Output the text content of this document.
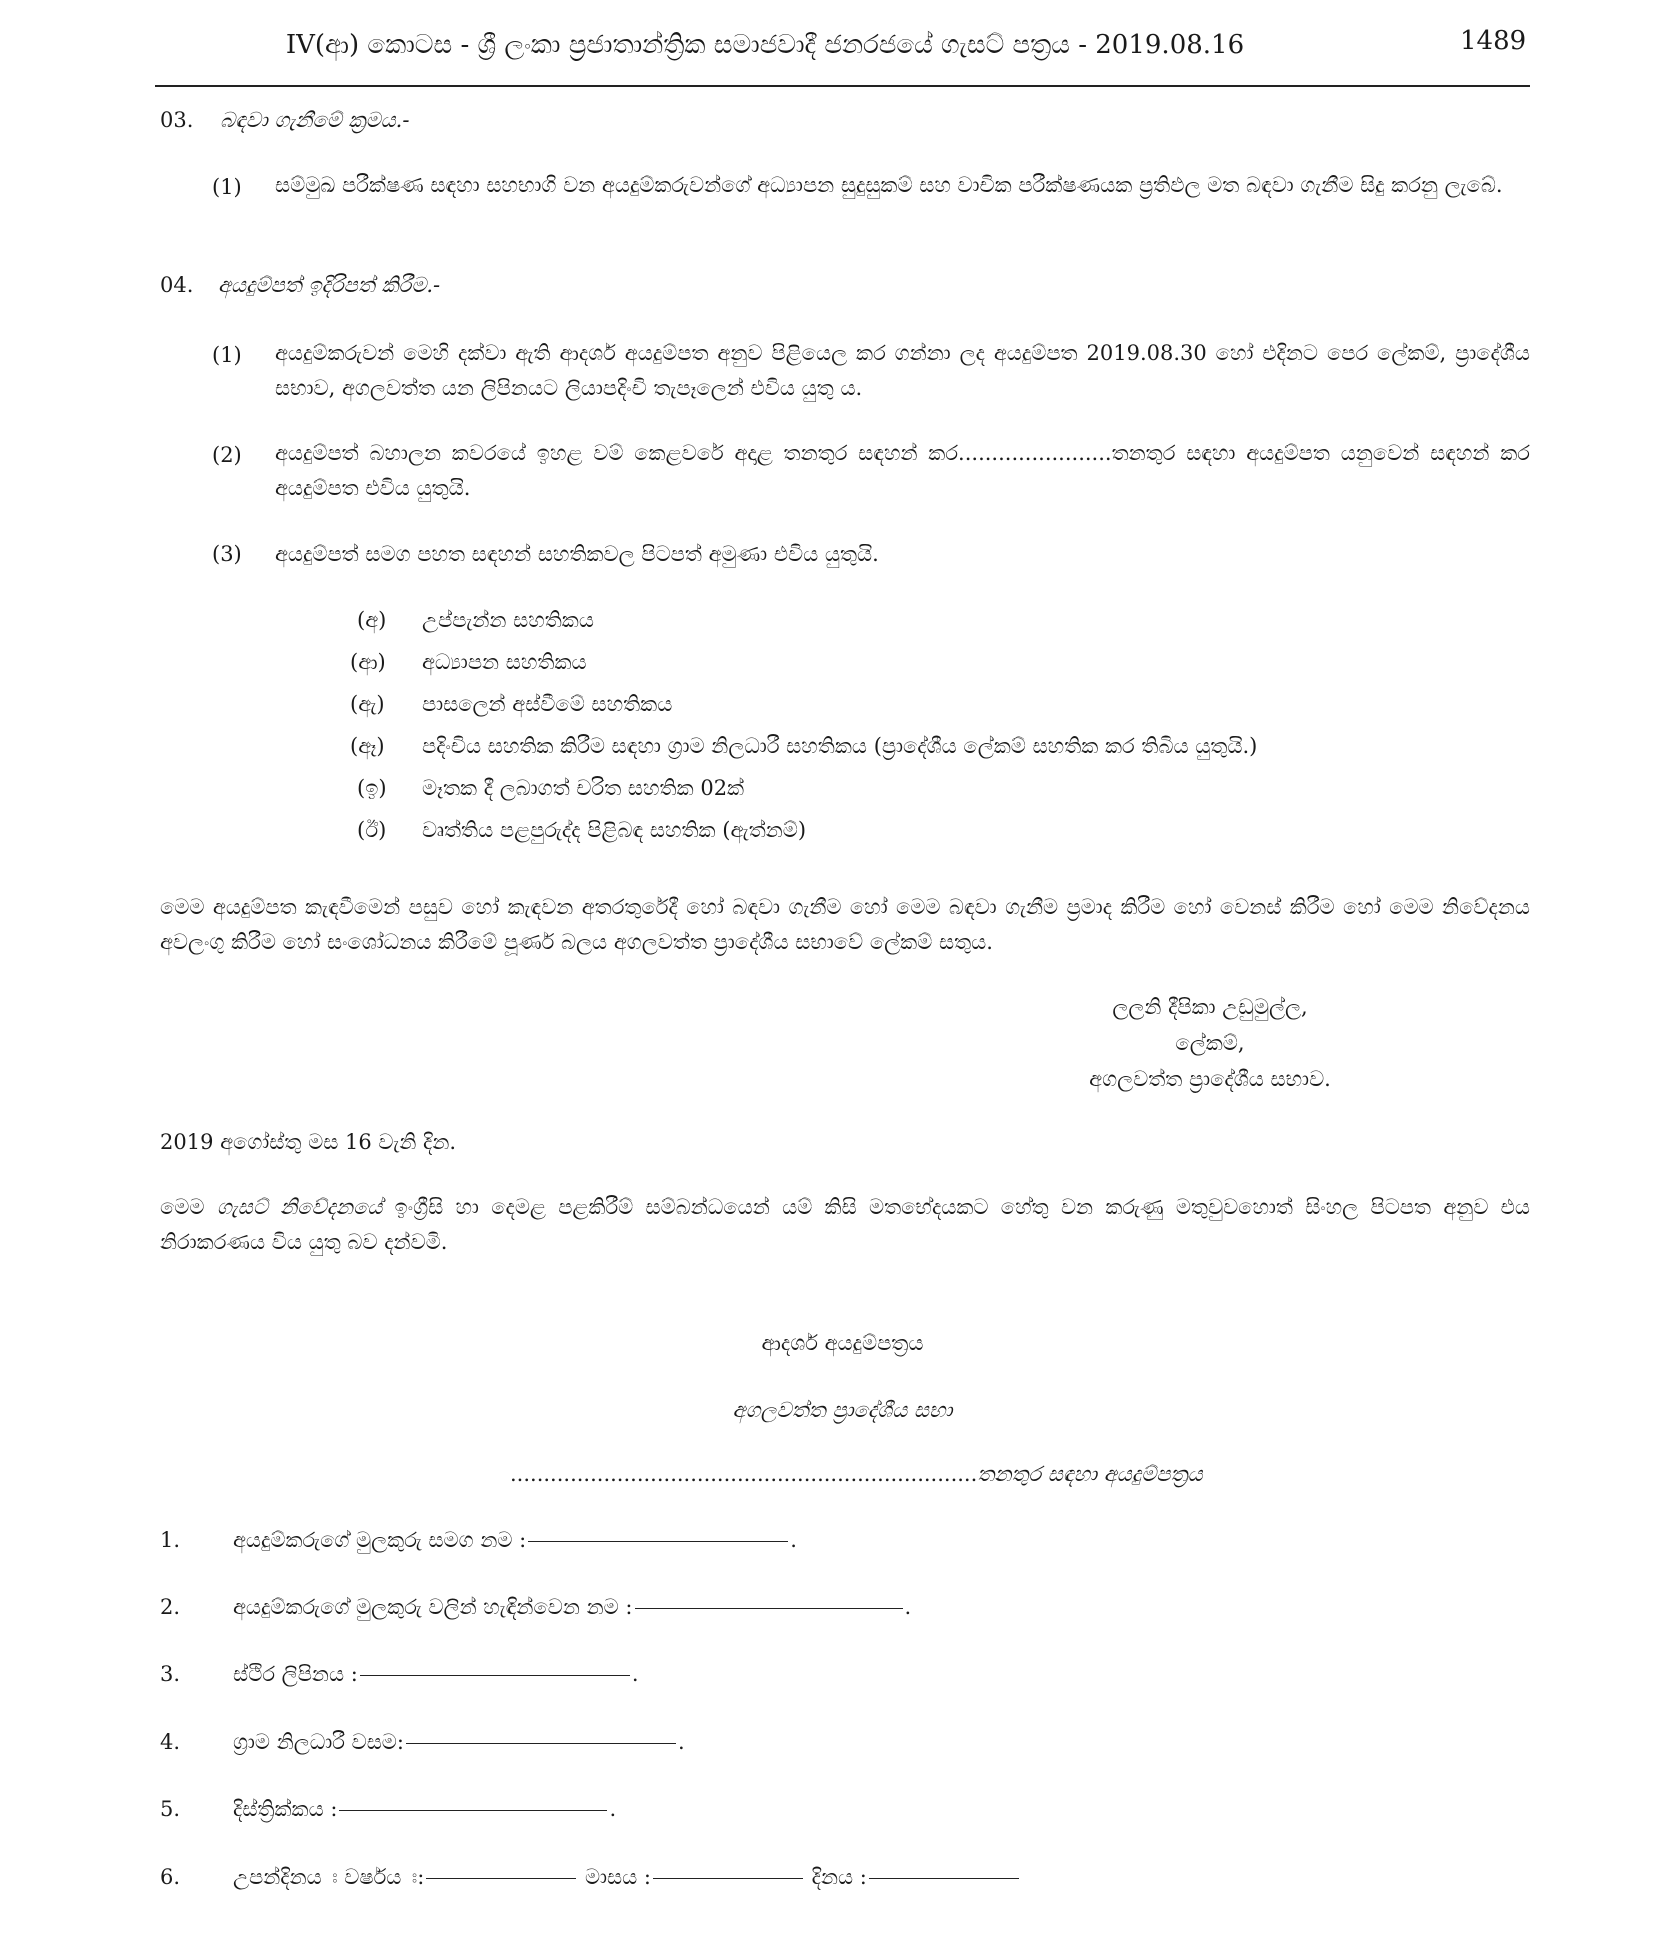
IV(ආ) කොටස - ශ්‍රී ලංකා ප්‍රජාතාන්ත්‍රික සමාජවාදී ජනරජයේ ගැසට් පත්‍රය - 2019.08.16	1489
03. බඳවා ගැනීමේ ක්‍රමය.-
(1) සම්මුඛ පරීක්ෂණ සඳහා සහභාගි වන අයදුම්කරුවන්ගේ අධ්‍යාපන සුදුසුකම් සහ වාචික පරීක්ෂණයක ප්‍රතිඵල මත බඳවා ගැනීම සිදු කරනු ලැබේ.
04. අයදුම්පත් ඉදිරිපත් කිරීම.-
(1) අයදුම්කරුවන් මෙහි දක්වා ඇති ආදර්ශ අයදුම්පත අනුව පිළියෙල කර ගන්නා ලද අයදුම්පත 2019.08.30 හෝ එදිනට පෙර ලේකම්, ප්‍රාදේශීය සභාව, අගලවත්ත යන ලිපිනයට ලියාපදිංචි තැපෑලෙන් එවිය යුතු ය.
(2) අයදුම්පත් බහාලන කවරයේ ඉහළ වම් කෙළවරේ අදාළ තනතුර සඳහන් කර.......................තනතුර සඳහා අයදුම්පත යනුවෙන් සඳහන් කර අයදුම්පත එවිය යුතුයි.
(3) අයදුම්පත් සමග පහත සඳහන් සහතිකවල පිටපත් අමුණා එවිය යුතුයි.
(අ) උප්පැන්න සහතිකය
(ආ) අධ්‍යාපන සහතිකය
(ඇ) පාසලෙන් අස්වීමේ සහතිකය
(ඈ) පදිංචිය සහතික කිරීම සඳහා ග්‍රාම නිලධාරී සහතිකය (ප්‍රාදේශීය ලේකම් සහතික කර තිබිය යුතුයි.)
(ඉ) මෑතක දී ලබාගත් චරිත සහතික 02ක්
(ඊ) වෘත්තිය පළපුරුද්ද පිළිබඳ සහතික (ඇත්නම්)
මෙම අයදුම්පත කැඳවීමෙන් පසුව හෝ කැඳවන අතරතුරේදී හෝ බඳවා ගැනීම හෝ මෙම බඳවා ගැනීම ප්‍රමාද කිරීම හෝ වෙනස් කිරීම හෝ මෙම නිවේදනය අවලංගු කිරීම හෝ සංශෝධනය කිරීමේ පූර්ණ බලය අගලවත්ත ප්‍රාදේශීය සභාවේ ලේකම් සතුය.
ලලනි දීපිකා උඩුමුල්ල,
ලේකම්,
අගලවත්ත ප්‍රාදේශීය සභාව.
2019 අගෝස්තු මස 16 වැනි දින.
මෙම ගැසට් නිවේදනයේ ඉංග්‍රීසි හා දෙමළ පළකිරීම් සම්බන්ධයෙන් යම් කිසි මතභේදයකට හේතු වන කරුණු මතුවුවහොත් සිංහල පිටපත අනුව එය නිරාකරණය විය යුතු බව දන්වමි.
ආදර්ශ අයදුම්පත්‍රය
අගලවත්ත ප්‍රාදේශීය සභා
......................................................................තනතුර සඳහා අයදුම්පත්‍රය
1.	අයදුම්කරුගේ මුලකුරු සමග නම :	.
2.	අයදුම්කරුගේ මුලකුරු වලින් හැඳින්වෙන නම :	.
3.	ස්ථිර ලිපිනය :	.
4.	ග්‍රාම නිලධාරී වසම:	.
5.	දිස්ත්‍රික්කය :	.
6.	උපන්දිනය ඃ වර්ෂය ඃ:	මාසය :	දිනය :
